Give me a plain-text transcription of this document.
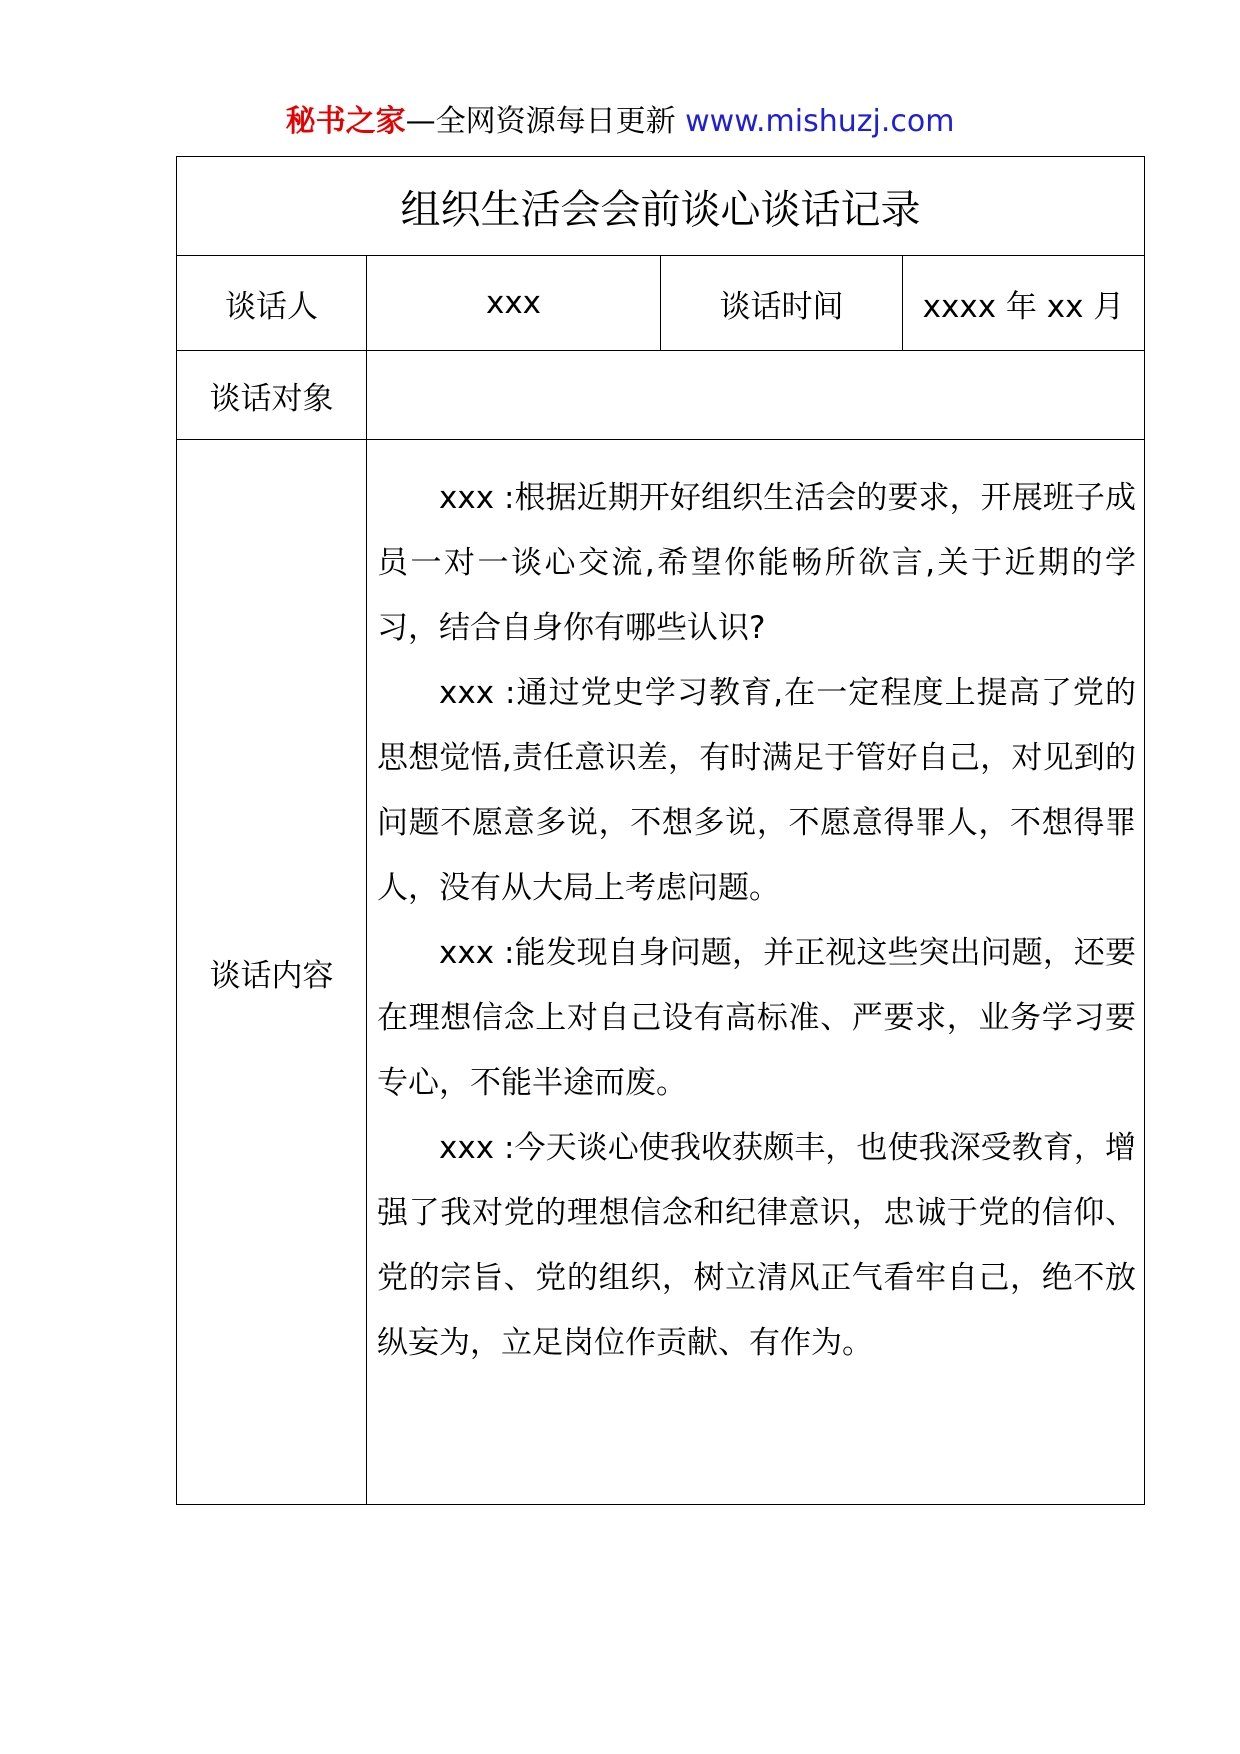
秘书之家—全网资源每日更新 www.mishuzj.com
组织生活会会前谈心谈话记录			
谈话人	xxx	谈话时间	xxxx 年 xx 月
谈话对象			
谈话内容	xxx :根据近期开好组织生活会的要求，开展班子成员一对一谈心交流,希望你能畅所欲言,关于近期的学习，结合自身你有哪些认识?

xxx :通过党史学习教育,在一定程度上提高了党的思想觉悟,责任意识差，有时满足于管好自己，对见到的问题不愿意多说，不想多说，不愿意得罪人，不想得罪人，没有从大局上考虑问题。

xxx :能发现自身问题，并正视这些突出问题，还要在理想信念上对自己设有高标准、严要求，业务学习要专心，不能半途而废。

xxx :今天谈心使我收获颇丰，也使我深受教育，增强了我对党的理想信念和纪律意识，忠诚于党的信仰、党的宗旨、党的组织，树立清风正气看牢自己，绝不放纵妄为，立足岗位作贡献、有作为。		
